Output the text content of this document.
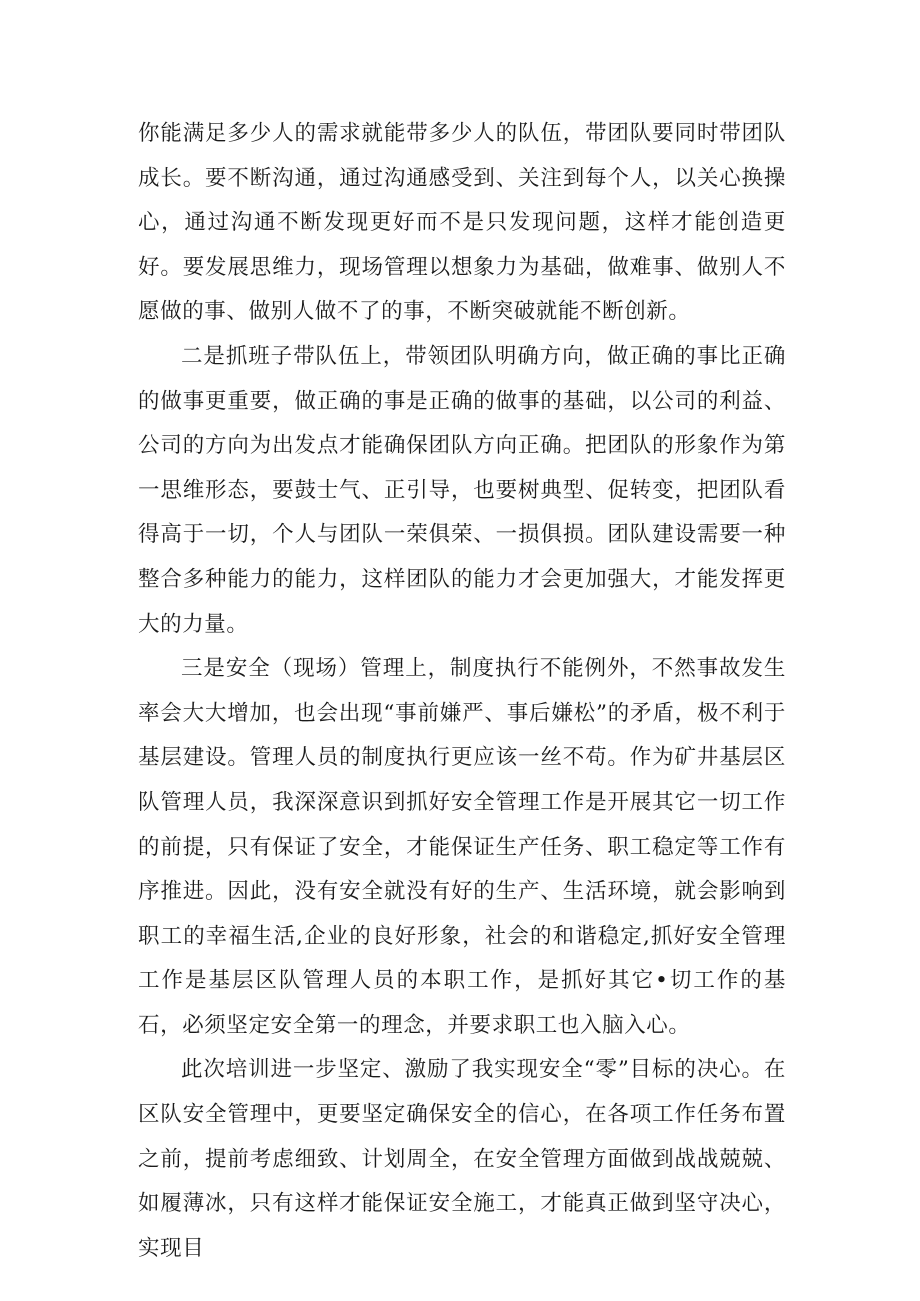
你能满足多少人的需求就能带多少人的队伍，带团队要同时带团队成长。要不断沟通，通过沟通感受到、关注到每个人，以关心换操心，通过沟通不断发现更好而不是只发现问题，这样才能创造更好。要发展思维力，现场管理以想象力为基础，做难事、做别人不愿做的事、做别人做不了的事，不断突破就能不断创新。

二是抓班子带队伍上，带领团队明确方向，做正确的事比正确的做事更重要，做正确的事是正确的做事的基础，以公司的利益、公司的方向为出发点才能确保团队方向正确。把团队的形象作为第一思维形态，要鼓士气、正引导，也要树典型、促转变，把团队看得高于一切，个人与团队一荣俱荣、一损俱损。团队建设需要一种整合多种能力的能力，这样团队的能力才会更加强大，才能发挥更大的力量。

三是安全（现场）管理上，制度执行不能例外，不然事故发生率会大大增加，也会出现“事前嫌严、事后嫌松”的矛盾，极不利于基层建设。管理人员的制度执行更应该一丝不苟。作为矿井基层区队管理人员，我深深意识到抓好安全管理工作是开展其它一切工作的前提，只有保证了安全，才能保证生产任务、职工稳定等工作有序推进。因此，没有安全就没有好的生产、生活环境，就会影响到职工的幸福生活,企业的良好形象，社会的和谐稳定,抓好安全管理工作是基层区队管理人员的本职工作，是抓好其它•切工作的基石，必须坚定安全第一的理念，并要求职工也入脑入心。

此次培训进一步坚定、激励了我实现安全“零”目标的决心。在区队安全管理中，更要坚定确保安全的信心，在各项工作任务布置之前，提前考虑细致、计划周全，在安全管理方面做到战战兢兢、如履薄冰，只有这样才能保证安全施工，才能真正做到坚守决心，实现目
